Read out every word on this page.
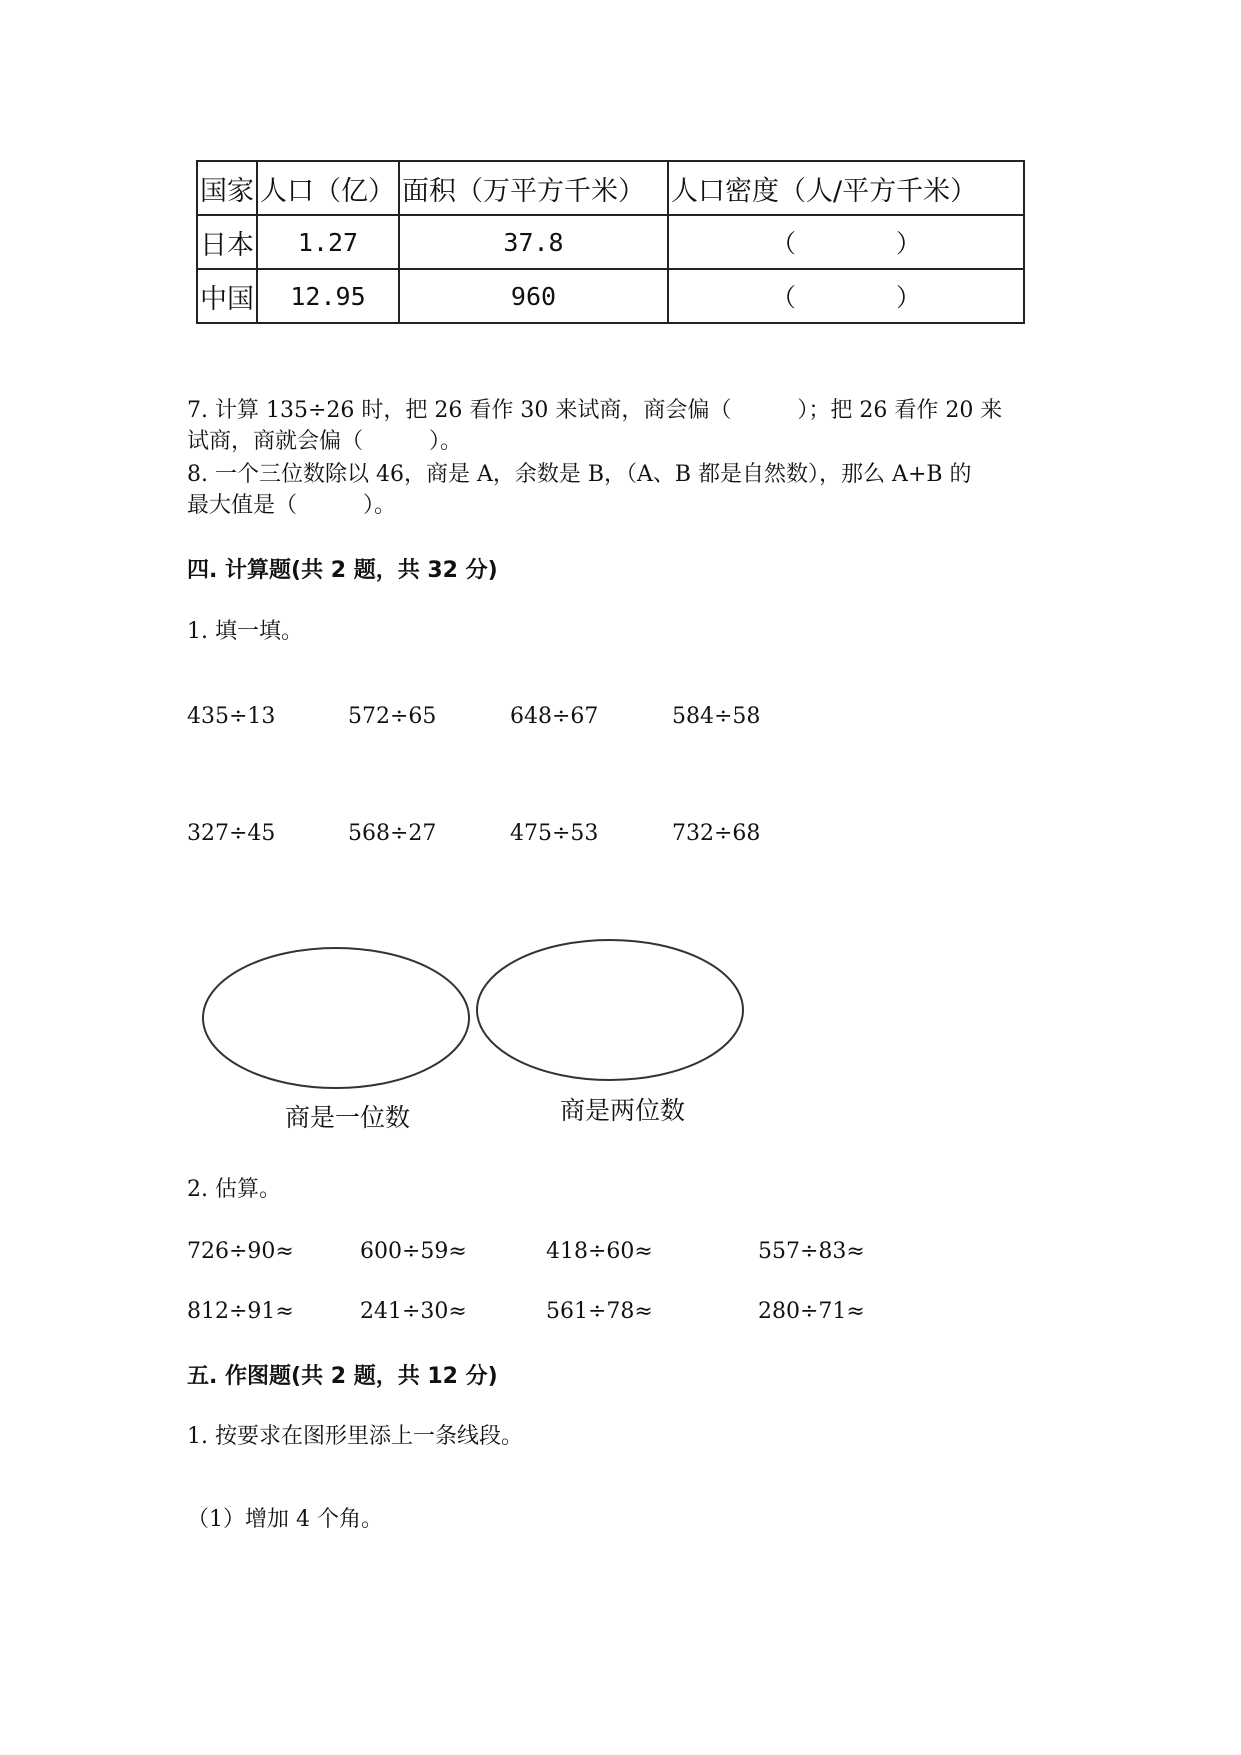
国家	人口（亿）	面积（万平方千米）	人口密度（人/平方千米）
日本	1.27	37.8	（ ）
中国	12.95	960	（ ）
7. 计算 135÷26 时，把 26 看作 30 来试商，商会偏（　　　）；把 26 看作 20 来
试商，商就会偏（　　　）。
8. 一个三位数除以 46，商是 A，余数是 B，（A、B 都是自然数），那么 A+B 的
最大值是（　　　）。
四. 计算题(共 2 题，共 32 分)
1. 填一填。
435÷13	572÷65	648÷67	584÷58
327÷45	568÷27	475÷53	732÷68
商是一位数	商是两位数
2. 估算。
726÷90≈	600÷59≈	418÷60≈	557÷83≈
812÷91≈	241÷30≈	561÷78≈	280÷71≈
五. 作图题(共 2 题，共 12 分)
1. 按要求在图形里添上一条线段。
（1）增加 4 个角。
